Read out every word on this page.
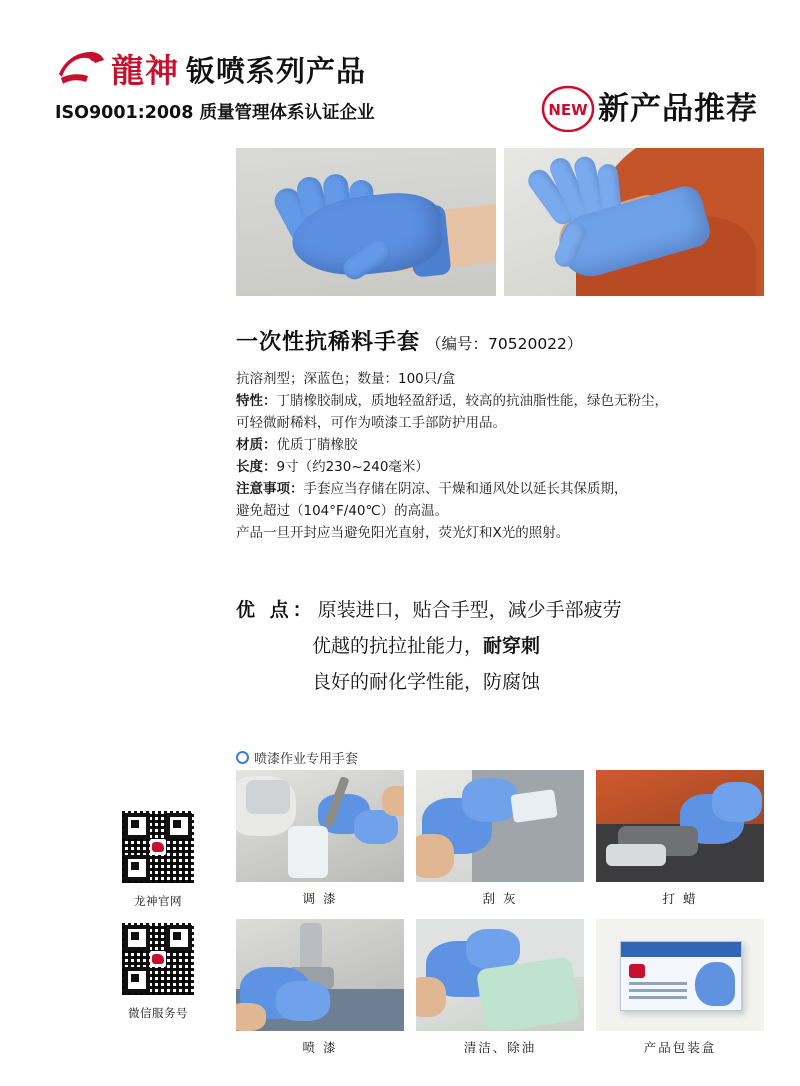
龍神 钣喷系列产品
ISO9001:2008 质量管理体系认证企业	NEW 新产品推荐
一次性抗稀料手套 （编号：70520022）
抗溶剂型；深蓝色；数量：100只/盒
特性：丁腈橡胶制成，质地轻盈舒适，较高的抗油脂性能，绿色无粉尘，
可轻微耐稀料，可作为喷漆工手部防护用品。
材质：优质丁腈橡胶
长度：9寸（约230~240毫米）
注意事项：手套应当存储在阴凉、干燥和通风处以延长其保质期，
避免超过（104°F/40℃）的高温。
产品一旦开封应当避免阳光直射，荧光灯和X光的照射。
优 点： 原装进口，贴合手型，减少手部疲劳
优越的抗拉扯能力， 耐穿刺
良好的耐化学性能，防腐蚀
喷漆作业专用手套
调 漆	刮 灰	打 蜡
喷 漆	清洁、除油	产品包装盒
龙神官网
微信服务号
